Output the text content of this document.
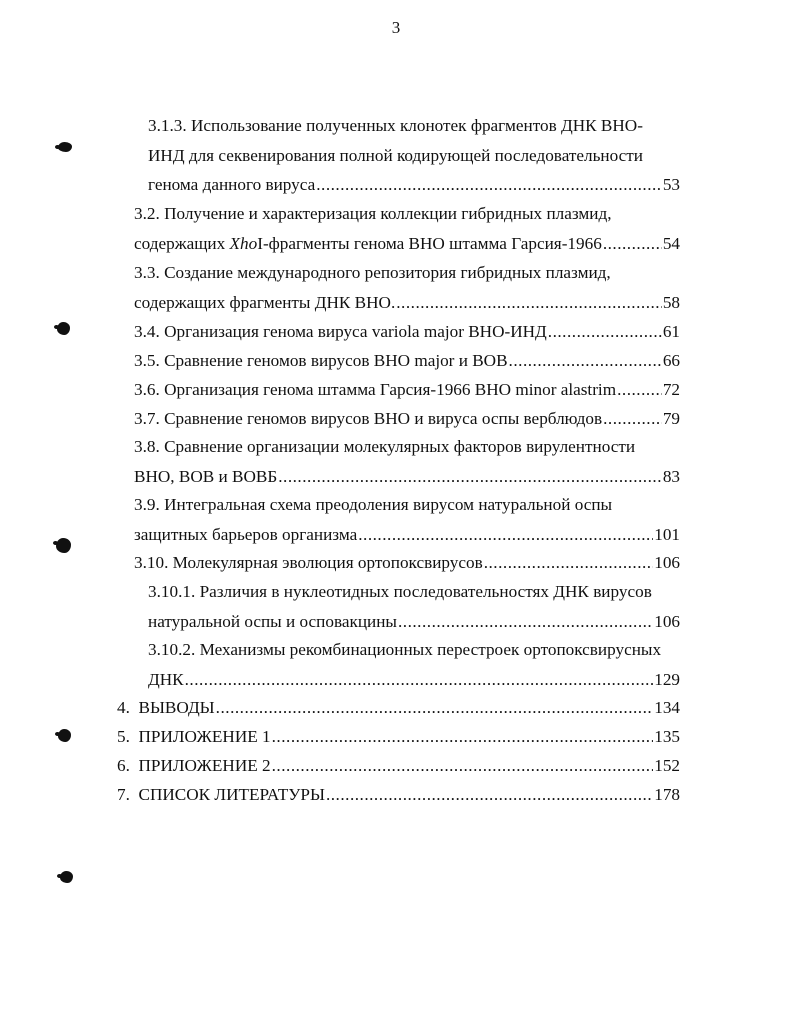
3
3.1.3. Использование полученных клонотек фрагментов ДНК ВНО-
ИНД для секвенирования полной кодирующей последовательности
генома данного вируса .....	53
3.2. Получение и характеризация коллекции гибридных плазмид,
содержащих XhoI-фрагменты генома ВНО штамма Гарсия-1966 .....	54
3.3. Создание международного репозитория гибридных плазмид,
содержащих фрагменты ДНК ВНО. .....	58
3.4. Организация генома вируса variola major ВНО-ИНД .....	61
3.5. Сравнение геномов вирусов ВНО major и ВОВ .....	66
3.6. Организация генома штамма Гарсия-1966 ВНО minor alastrim .....	72
3.7. Сравнение геномов вирусов ВНО и вируса оспы верблюдов .....	79
3.8. Сравнение организации молекулярных факторов вирулентности
ВНО, ВОВ и ВОВБ .....	83
3.9. Интегральная схема преодоления вирусом натуральной оспы
защитных барьеров организма .....	101
3.10. Молекулярная эволюция ортопоксвирусов .....	106
3.10.1. Различия в нуклеотидных последовательностях ДНК вирусов
натуральной оспы и осповакцины .....	106
3.10.2. Механизмы рекомбинационных перестроек ортопоксвирусных
ДНК .....	129
4.  ВЫВОДЫ .....	134
5.  ПРИЛОЖЕНИЕ 1 .....	135
6.  ПРИЛОЖЕНИЕ 2 .....	152
7.  СПИСОК ЛИТЕРАТУРЫ .....	178
